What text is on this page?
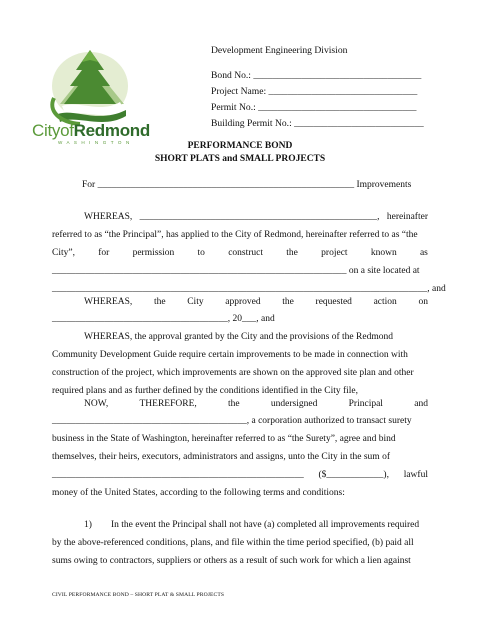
CityofRedmond
W A S H I N G T O N
Development Engineering Division
Bond No.: ___________________________________
Project Name: _______________________________
Permit No.: _________________________________
Building Permit No.: ___________________________
PERFORMANCE BOND
SHORT PLATS and SMALL PROJECTS
For ______________________________________________________ Improvements
WHEREAS, __________________________________________________, hereinafter
referred to as “the Principal”, has applied to the City of Redmond, hereinafter referred to as “the
City”, for permission to construct the project known as
______________________________________________________________ on a site located at
_______________________________________________________________________________, and
WHEREAS, the City approved the requested action on
_____________________________________, 20___, and
WHEREAS, the approval granted by the City and the provisions of the Redmond
Community Development Guide require certain improvements to be made in connection with
construction of the project, which improvements are shown on the approved site plan and other
required plans and as further defined by the conditions identified in the City file,
NOW,	THEREFORE,	the	undersigned	Principal	and
_________________________________________, a corporation authorized to transact surety
business in the State of Washington, hereinafter referred to as “the Surety”, agree and bind
themselves, their heirs, executors, administrators and assigns, unto the City in the sum of
_____________________________________________________ ($____________), lawful
money of the United States, according to the following terms and conditions:
1) In the event the Principal shall not have (a) completed all improvements required
by the above-referenced conditions, plans, and file within the time period specified, (b) paid all
sums owing to contractors, suppliers or others as a result of such work for which a lien against
CIVIL PERFORMANCE BOND – SHORT PLAT & SMALL PROJECTS
